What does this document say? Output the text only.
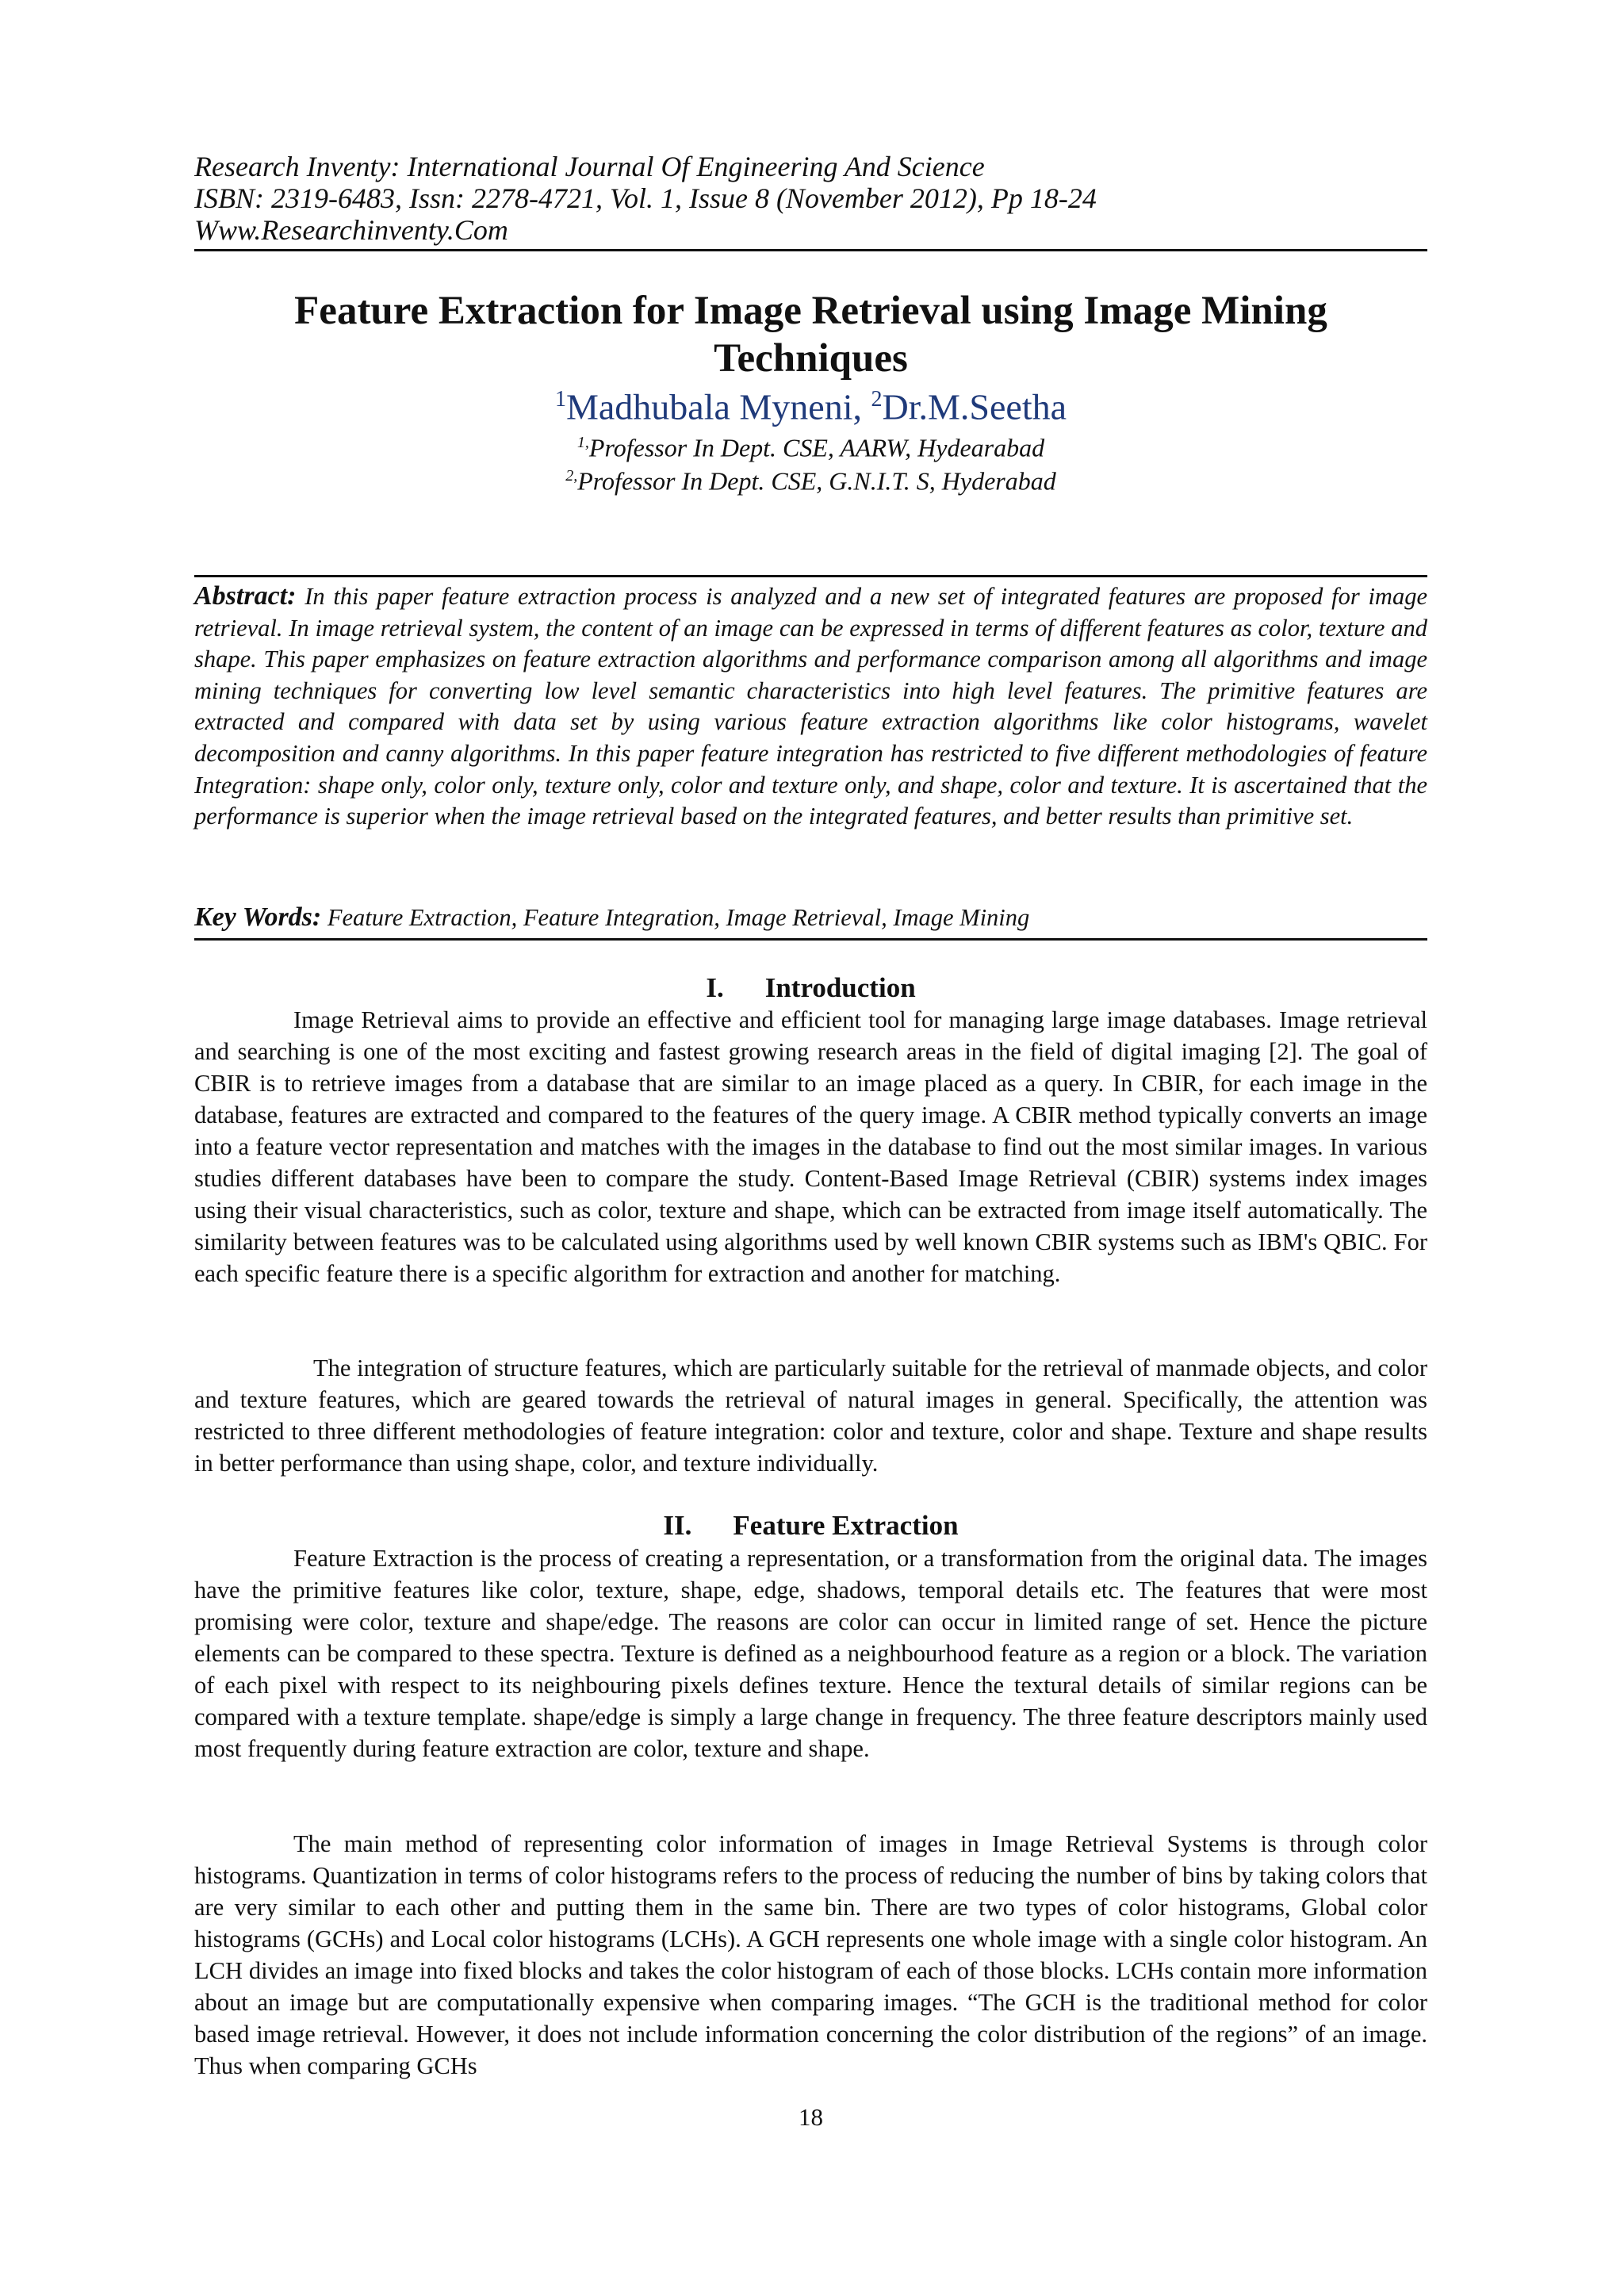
Research Inventy: International Journal Of Engineering And Science
ISBN: 2319-6483, Issn: 2278-4721, Vol. 1, Issue 8 (November 2012), Pp 18-24
Www.Researchinventy.Com
Feature Extraction for Image Retrieval using Image Mining
Techniques
$^1$Madhubala Myneni, $^2$Dr.M.Seetha
$^{1,}$Professor In Dept. CSE, AARW, Hydearabad
$^{2,}$Professor In Dept. CSE, G.N.I.T. S, Hyderabad
Abstract: In this paper feature extraction process is analyzed and a new set of integrated features are proposed for image retrieval. In image retrieval system, the content of an image can be expressed in terms of different features as color, texture and shape. This paper emphasizes on feature extraction algorithms and performance comparison among all algorithms and image mining techniques for converting low level semantic characteristics into high level features. The primitive features are extracted and compared with data set by using various feature extraction algorithms like color histograms, wavelet decomposition and canny algorithms. In this paper feature integration has restricted to five different methodologies of feature Integration: shape only, color only, texture only, color and texture only, and shape, color and texture. It is ascertained that the performance is superior when the image retrieval based on the integrated features, and better results than primitive set.
Key Words: Feature Extraction, Feature Integration, Image Retrieval, Image Mining
I. Introduction
Image Retrieval aims to provide an effective and efficient tool for managing large image databases. Image retrieval and searching is one of the most exciting and fastest growing research areas in the field of digital imaging [2]. The goal of CBIR is to retrieve images from a database that are similar to an image placed as a query. In CBIR, for each image in the database, features are extracted and compared to the features of the query image. A CBIR method typically converts an image into a feature vector representation and matches with the images in the database to find out the most similar images. In various studies different databases have been to compare the study. Content-Based Image Retrieval (CBIR) systems index images using their visual characteristics, such as color, texture and shape, which can be extracted from image itself automatically. The similarity between features was to be calculated using algorithms used by well known CBIR systems such as IBM's QBIC. For each specific feature there is a specific algorithm for extraction and another for matching.
The integration of structure features, which are particularly suitable for the retrieval of manmade objects, and color and texture features, which are geared towards the retrieval of natural images in general. Specifically, the attention was restricted to three different methodologies of feature integration: color and texture, color and shape. Texture and shape results in better performance than using shape, color, and texture individually.
II. Feature Extraction
Feature Extraction is the process of creating a representation, or a transformation from the original data. The images have the primitive features like color, texture, shape, edge, shadows, temporal details etc. The features that were most promising were color, texture and shape/edge. The reasons are color can occur in limited range of set. Hence the picture elements can be compared to these spectra. Texture is defined as a neighbourhood feature as a region or a block. The variation of each pixel with respect to its neighbouring pixels defines texture. Hence the textural details of similar regions can be compared with a texture template. shape/edge is simply a large change in frequency. The three feature descriptors mainly used most frequently during feature extraction are color, texture and shape.
The main method of representing color information of images in Image Retrieval Systems is through color histograms. Quantization in terms of color histograms refers to the process of reducing the number of bins by taking colors that are very similar to each other and putting them in the same bin. There are two types of color histograms, Global color histograms (GCHs) and Local color histograms (LCHs). A GCH represents one whole image with a single color histogram. An LCH divides an image into fixed blocks and takes the color histogram of each of those blocks. LCHs contain more information about an image but are computationally expensive when comparing images. “The GCH is the traditional method for color based image retrieval. However, it does not include information concerning the color distribution of the regions” of an image. Thus when comparing GCHs
18
